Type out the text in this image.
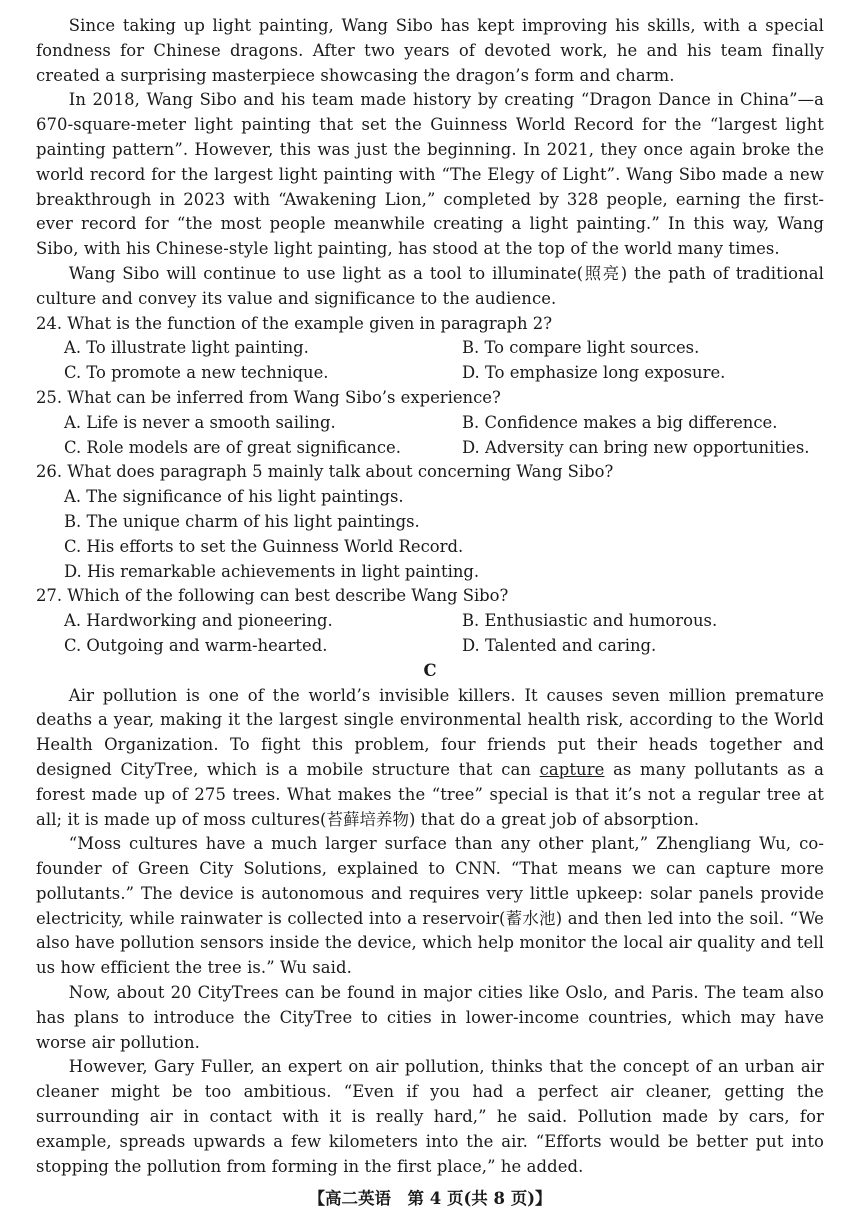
Since taking up light painting, Wang Sibo has kept improving his skills, with a special fondness for Chinese dragons. After two years of devoted work, he and his team finally created a surprising masterpiece showcasing the dragon’s form and charm.

In 2018, Wang Sibo and his team made history by creating “Dragon Dance in China”—a 670-square-meter light painting that set the Guinness World Record for the “largest light painting pattern”. However, this was just the beginning. In 2021, they once again broke the world record for the largest light painting with “The Elegy of Light”. Wang Sibo made a new breakthrough in 2023 with “Awakening Lion,” completed by 328 people, earning the first-ever record for “the most people meanwhile creating a light painting.” In this way, Wang Sibo, with his Chinese-style light painting, has stood at the top of the world many times.

Wang Sibo will continue to use light as a tool to illuminate(照亮) the path of traditional culture and convey its value and significance to the audience.

24. What is the function of the example given in paragraph 2?

A. To illustrate light painting.	B. To compare light sources.
C. To promote a new technique.	D. To emphasize long exposure.

25. What can be inferred from Wang Sibo’s experience?

A. Life is never a smooth sailing.	B. Confidence makes a big difference.
C. Role models are of great significance.	D. Adversity can bring new opportunities.

26. What does paragraph 5 mainly talk about concerning Wang Sibo?

A. The significance of his light paintings.
B. The unique charm of his light paintings.
C. His efforts to set the Guinness World Record.
D. His remarkable achievements in light painting.

27. Which of the following can best describe Wang Sibo?

A. Hardworking and pioneering.	B. Enthusiastic and humorous.
C. Outgoing and warm-hearted.	D. Talented and caring.

C

Air pollution is one of the world’s invisible killers. It causes seven million premature deaths a year, making it the largest single environmental health risk, according to the World Health Organization. To fight this problem, four friends put their heads together and designed CityTree, which is a mobile structure that can capture as many pollutants as a forest made up of 275 trees. What makes the “tree” special is that it’s not a regular tree at all; it is made up of moss cultures(苔藓培养物) that do a great job of absorption.

“Moss cultures have a much larger surface than any other plant,” Zhengliang Wu, co-founder of Green City Solutions, explained to CNN. “That means we can capture more pollutants.” The device is autonomous and requires very little upkeep: solar panels provide electricity, while rainwater is collected into a reservoir(蓄水池) and then led into the soil. “We also have pollution sensors inside the device, which help monitor the local air quality and tell us how efficient the tree is.” Wu said.

Now, about 20 CityTrees can be found in major cities like Oslo, and Paris. The team also has plans to introduce the CityTree to cities in lower-income countries, which may have worse air pollution.

However, Gary Fuller, an expert on air pollution, thinks that the concept of an urban air cleaner might be too ambitious. “Even if you had a perfect air cleaner, getting the surrounding air in contact with it is really hard,” he said. Pollution made by cars, for example, spreads upwards a few kilometers into the air. “Efforts would be better put into stopping the pollution from forming in the first place,” he added.

【高二英语　第 4 页(共 8 页)】
